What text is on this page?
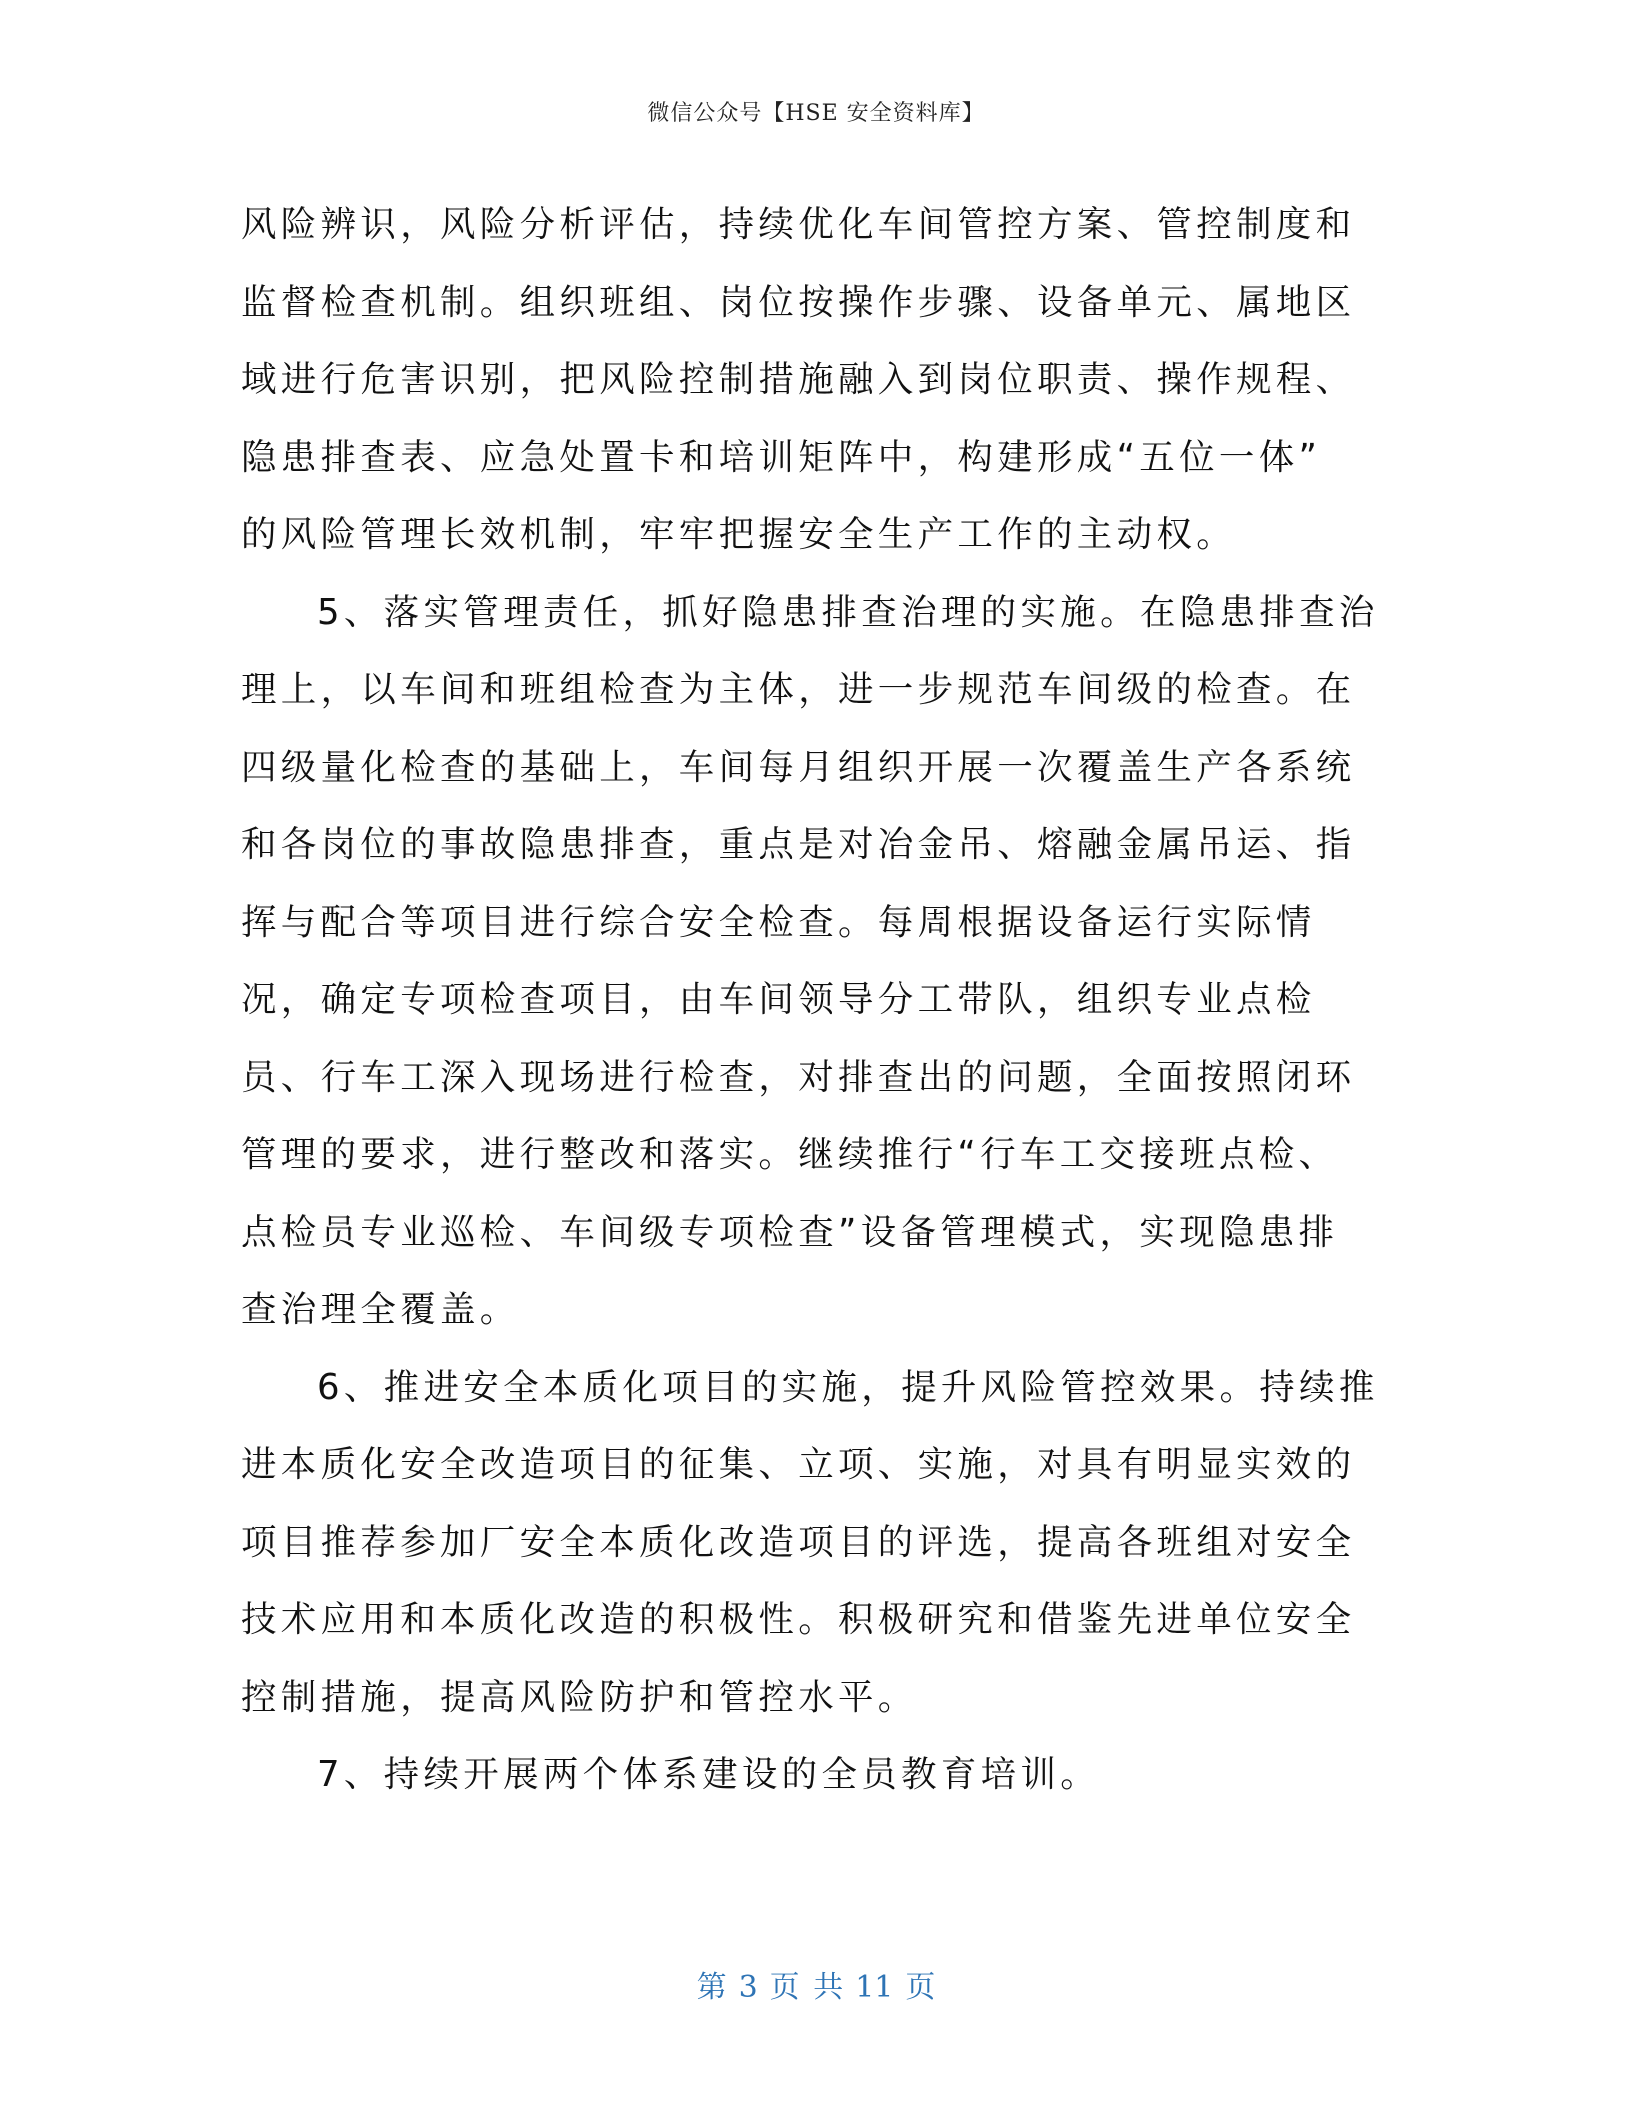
微信公众号【HSE 安全资料库】
风险辨识，风险分析评估，持续优化车间管控方案、管控制度和
监督检查机制。组织班组、岗位按操作步骤、设备单元、属地区
域进行危害识别，把风险控制措施融入到岗位职责、操作规程、
隐患排查表、应急处置卡和培训矩阵中，构建形成“五位一体”
的风险管理长效机制，牢牢把握安全生产工作的主动权。
5、落实管理责任，抓好隐患排查治理的实施。在隐患排查治
理上，以车间和班组检查为主体，进一步规范车间级的检查。在
四级量化检查的基础上，车间每月组织开展一次覆盖生产各系统
和各岗位的事故隐患排查，重点是对冶金吊、熔融金属吊运、指
挥与配合等项目进行综合安全检查。每周根据设备运行实际情
况，确定专项检查项目，由车间领导分工带队，组织专业点检
员、行车工深入现场进行检查，对排查出的问题，全面按照闭环
管理的要求，进行整改和落实。继续推行“行车工交接班点检、
点检员专业巡检、车间级专项检查”设备管理模式，实现隐患排
查治理全覆盖。
6、推进安全本质化项目的实施，提升风险管控效果。持续推
进本质化安全改造项目的征集、立项、实施，对具有明显实效的
项目推荐参加厂安全本质化改造项目的评选，提高各班组对安全
技术应用和本质化改造的积极性。积极研究和借鉴先进单位安全
控制措施，提高风险防护和管控水平。
7、持续开展两个体系建设的全员教育培训。
第 3 页 共 11 页
